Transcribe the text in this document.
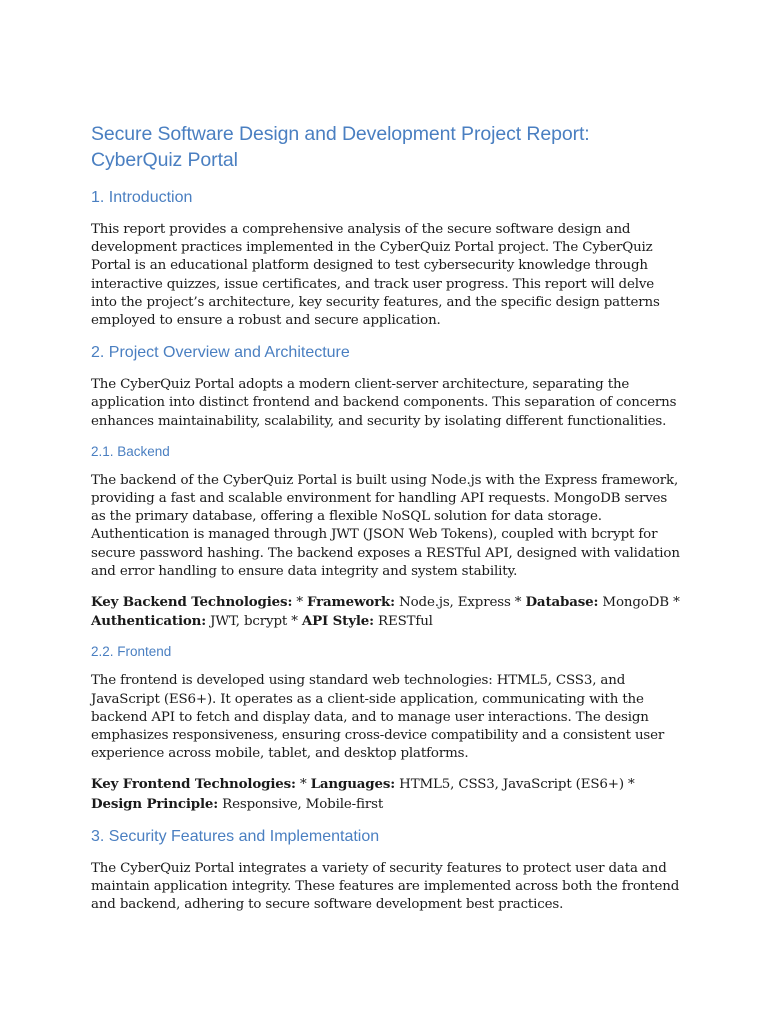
Secure Software Design and Development Project Report: CyberQuiz Portal
1. Introduction

This report provides a comprehensive analysis of the secure software design and development practices implemented in the CyberQuiz Portal project. The CyberQuiz Portal is an educational platform designed to test cybersecurity knowledge through interactive quizzes, issue certificates, and track user progress. This report will delve into the project’s architecture, key security features, and the specific design patterns employed to ensure a robust and secure application.

2. Project Overview and Architecture

The CyberQuiz Portal adopts a modern client-server architecture, separating the application into distinct frontend and backend components. This separation of concerns enhances maintainability, scalability, and security by isolating different functionalities.

2.1. Backend

The backend of the CyberQuiz Portal is built using Node.js with the Express framework, providing a fast and scalable environment for handling API requests. MongoDB serves as the primary database, offering a flexible NoSQL solution for data storage. Authentication is managed through JWT (JSON Web Tokens), coupled with bcrypt for secure password hashing. The backend exposes a RESTful API, designed with validation and error handling to ensure data integrity and system stability.

Key Backend Technologies: * Framework: Node.js, Express * Database: MongoDB * Authentication: JWT, bcrypt * API Style: RESTful

2.2. Frontend

The frontend is developed using standard web technologies: HTML5, CSS3, and JavaScript (ES6+). It operates as a client-side application, communicating with the backend API to fetch and display data, and to manage user interactions. The design emphasizes responsiveness, ensuring cross-device compatibility and a consistent user experience across mobile, tablet, and desktop platforms.

Key Frontend Technologies: * Languages: HTML5, CSS3, JavaScript (ES6+) * Design Principle: Responsive, Mobile-first

3. Security Features and Implementation

The CyberQuiz Portal integrates a variety of security features to protect user data and maintain application integrity. These features are implemented across both the frontend and backend, adhering to secure software development best practices.
